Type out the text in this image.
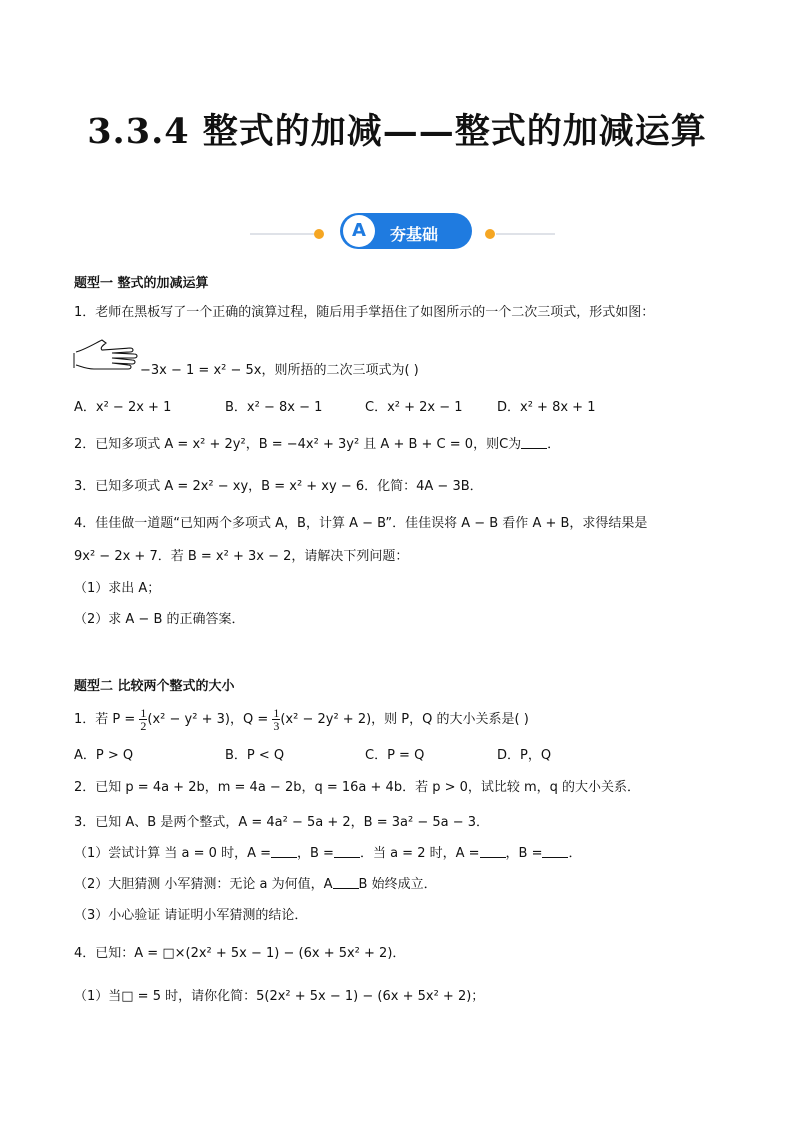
3.3.4 整式的加减——整式的加减运算
A	夯基础
题型一 整式的加减运算
1．老师在黑板写了一个正确的演算过程，随后用手掌捂住了如图所示的一个二次三项式，形式如图：
−3x − 1 = x² − 5x，则所捂的二次三项式为( )
A．x² − 2x + 1	B．x² − 8x − 1	C．x² + 2x − 1	D．x² + 8x + 1
2．已知多项式 A = x² + 2y²，B = −4x² + 3y² 且 A + B + C = 0，则C为 ．
3．已知多项式 A = 2x² − xy，B = x² + xy − 6．化简：4A − 3B．
4．佳佳做一道题“已知两个多项式 A，B，计算 A − B”．佳佳误将 A − B 看作 A + B，求得结果是
9x² − 2x + 7．若 B = x² + 3x − 2，请解决下列问题：
（1）求出 A；
（2）求 A − B 的正确答案．
题型二 比较两个整式的大小
1．若 $P = \frac{1}{2} (x^2 - y^2 + 3)$，$Q = \frac{1}{3} (x^2 - 2y^2 + 2)$，则 P，Q 的大小关系是( )
A．P > Q	B．P < Q	C．P = Q	D．P，Q
2．已知 p = 4a + 2b，m = 4a − 2b，q = 16a + 4b．若 p > 0，试比较 m，q 的大小关系．
3．已知 A、B 是两个整式，A = 4a² − 5a + 2，B = 3a² − 5a − 3．
（1）尝试计算 当 a = 0 时，A = ，B = ．当 a = 2 时，A = ，B = ．
（2）大胆猜测 小军猜测：无论 a 为何值，A B 始终成立．
（3）小心验证 请证明小军猜测的结论．
4．已知：A = □×(2x² + 5x − 1) − (6x + 5x² + 2)．
（1）当□ = 5 时，请你化简：5(2x² + 5x − 1) − (6x + 5x² + 2)；
